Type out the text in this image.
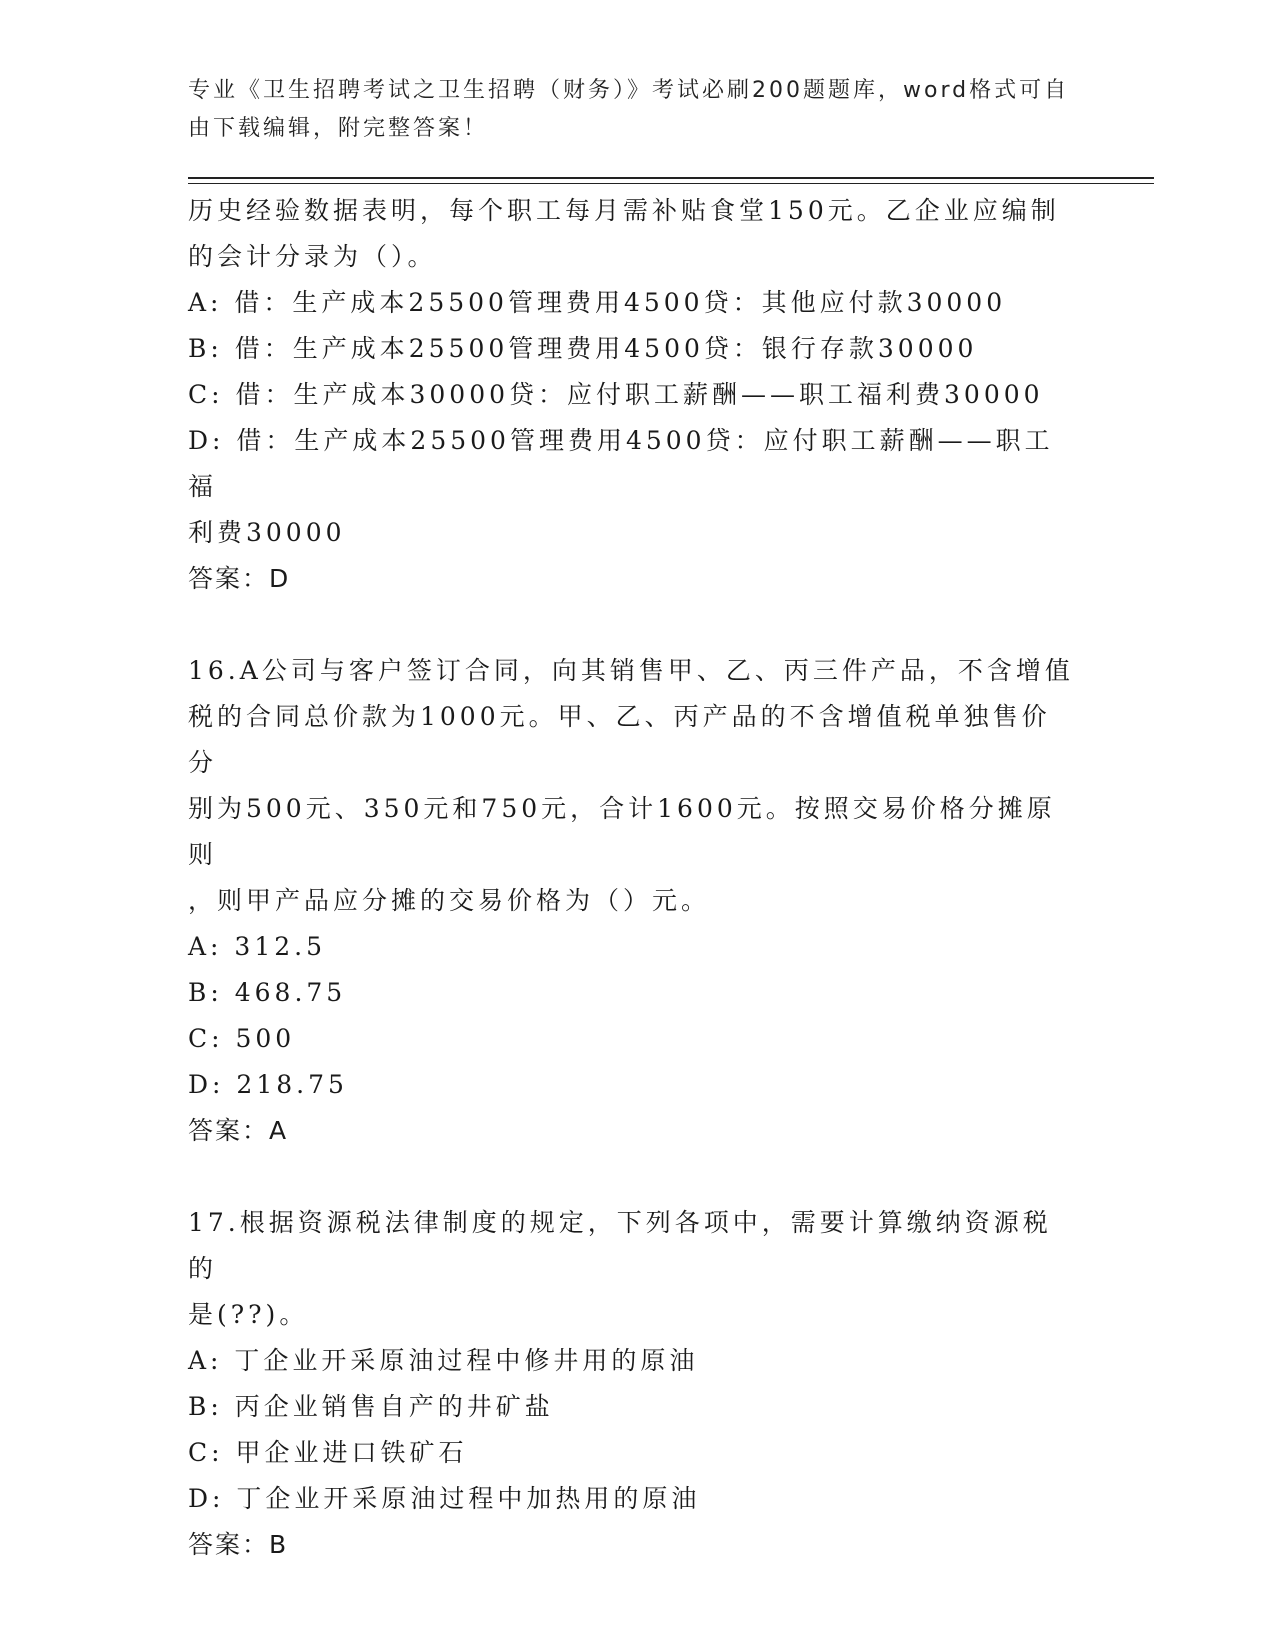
专业《卫生招聘考试之卫生招聘（财务）》考试必刷200题题库，word格式可自
由下载编辑，附完整答案！

历史经验数据表明，每个职工每月需补贴食堂150元。乙企业应编制

的会计分录为（）。

A: 借：生产成本25500管理费用4500贷：其他应付款30000

B: 借：生产成本25500管理费用4500贷：银行存款30000

C: 借：生产成本30000贷：应付职工薪酬——职工福利费30000

D: 借：生产成本25500管理费用4500贷：应付职工薪酬——职工福

利费30000

答案：D

16.A公司与客户签订合同，向其销售甲、乙、丙三件产品，不含增值

税的合同总价款为1000元。甲、乙、丙产品的不含增值税单独售价分

别为500元、350元和750元，合计1600元。按照交易价格分摊原则

，则甲产品应分摊的交易价格为（）元。

A: 312.5

B: 468.75

C: 500

D: 218.75

答案：A

17.根据资源税法律制度的规定，下列各项中，需要计算缴纳资源税的

是(??)。

A: 丁企业开采原油过程中修井用的原油

B: 丙企业销售自产的井矿盐

C: 甲企业进口铁矿石

D: 丁企业开采原油过程中加热用的原油

答案：B
